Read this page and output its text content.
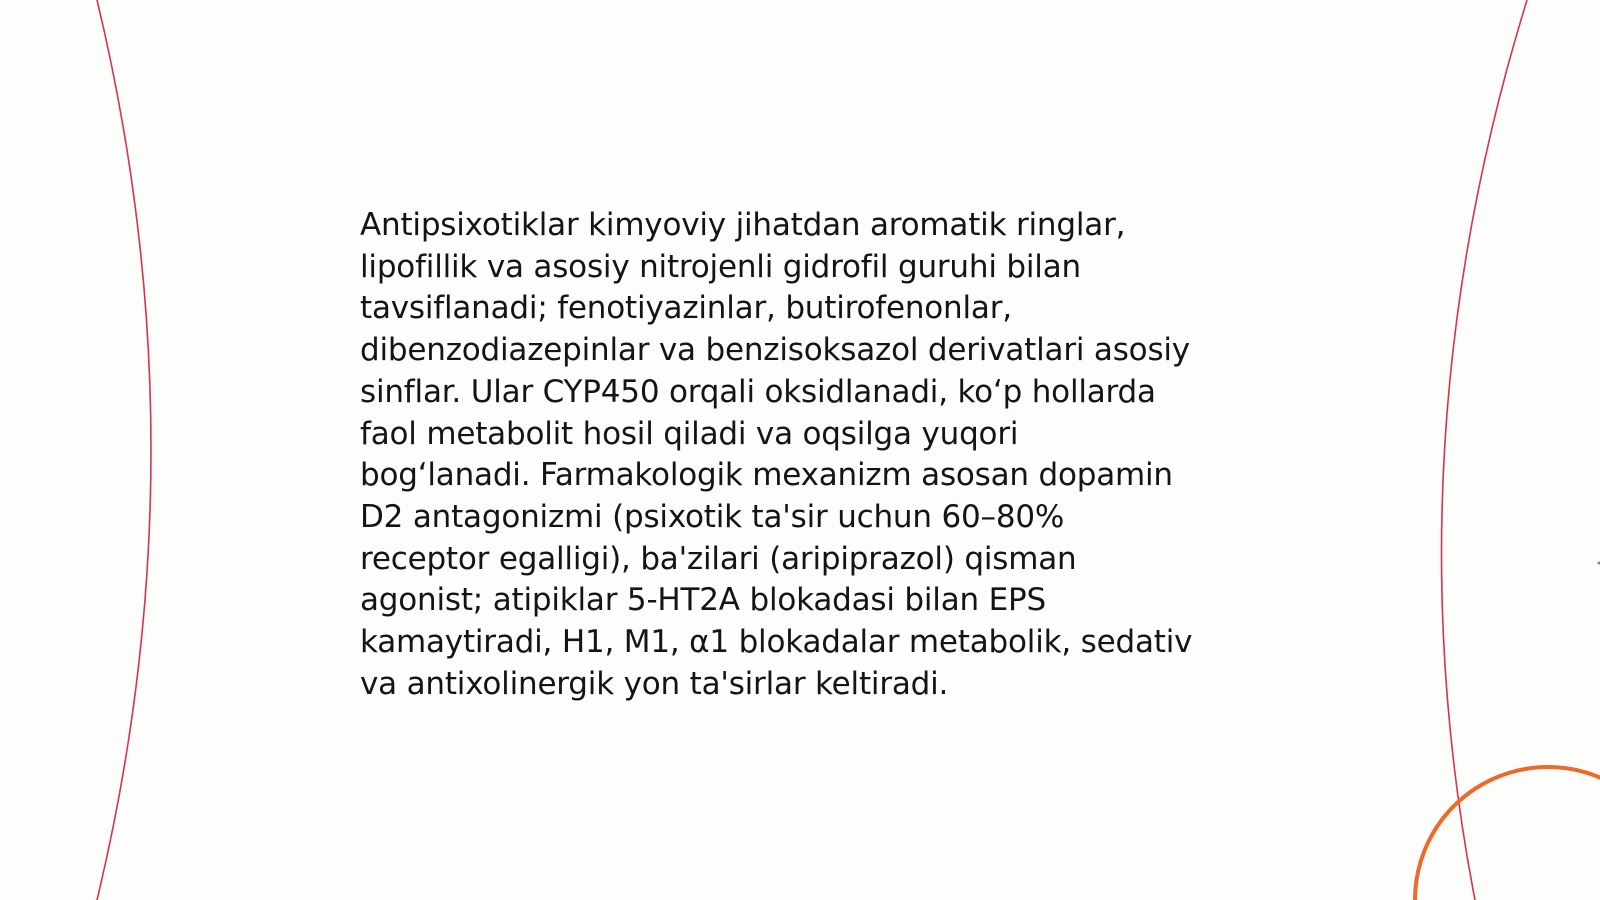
Antipsixotiklar kimyoviy jihatdan aromatik ringlar,
lipofillik va asosiy nitrojenli gidrofil guruhi bilan
tavsiflanadi; fenotiyazinlar, butirofenonlar,
dibenzodiazepinlar va benzisoksazol derivatlari asosiy
sinflar. Ular CYP450 orqali oksidlanadi, koʻp hollarda
faol metabolit hosil qiladi va oqsilga yuqori
bogʻlanadi. Farmakologik mexanizm asosan dopamin
D2 antagonizmi (psixotik ta'sir uchun 60–80%
receptor egalligi), ba'zilari (aripiprazol) qisman
agonist; atipiklar 5-HT2A blokadasi bilan EPS
kamaytiradi, H1, M1, α1 blokadalar metabolik, sedativ
va antixolinergik yon ta'sirlar keltiradi.
